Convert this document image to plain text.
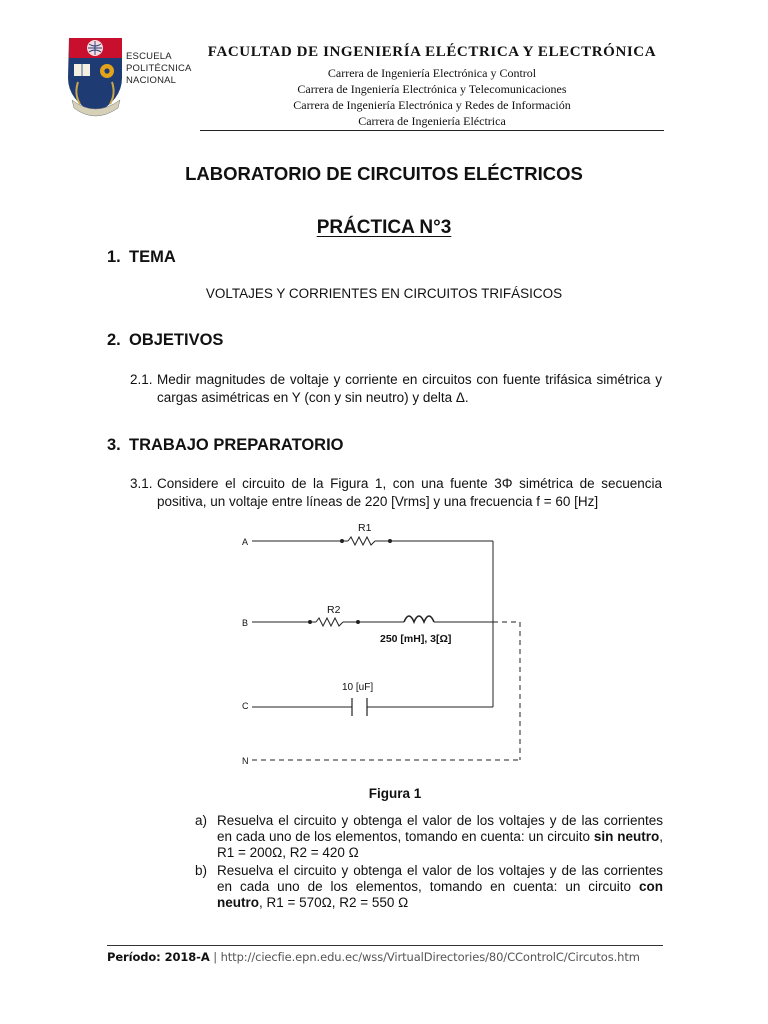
ESCUELA
POLITÉCNICA
NACIONAL
FACULTAD DE INGENIERÍA ELÉCTRICA Y ELECTRÓNICA
Carrera de Ingeniería Electrónica y Control
Carrera de Ingeniería Electrónica y Telecomunicaciones
Carrera de Ingeniería Electrónica y Redes de Información
Carrera de Ingeniería Eléctrica
LABORATORIO DE CIRCUITOS ELÉCTRICOS
PRÁCTICA N°3
1. TEMA
VOLTAJES Y CORRIENTES EN CIRCUITOS TRIFÁSICOS
2. OBJETIVOS
2.1. Medir magnitudes de voltaje y corriente en circuitos con fuente trifásica simétrica y cargas asimétricas en Y (con y sin neutro) y delta Δ.
3. TRABAJO PREPARATORIO
3.1. Considere el circuito de la Figura 1, con una fuente 3Φ simétrica de secuencia positiva, un voltaje entre líneas de 220 [Vrms] y una frecuencia f = 60 [Hz]
A
B
C
N
R1
R2
250 [mH], 3[Ω]
10 [uF]
Figura 1
a) Resuelva el circuito y obtenga el valor de los voltajes y de las corrientes en cada uno de los elementos, tomando en cuenta: un circuito sin neutro, R1 = 200Ω, R2 = 420 Ω
b) Resuelva el circuito y obtenga el valor de los voltajes y de las corrientes en cada uno de los elementos, tomando en cuenta: un circuito con neutro, R1 = 570Ω, R2 = 550 Ω
Período: 2018-A | http://ciecfie.epn.edu.ec/wss/VirtualDirectories/80/CControlC/Circutos.htm
